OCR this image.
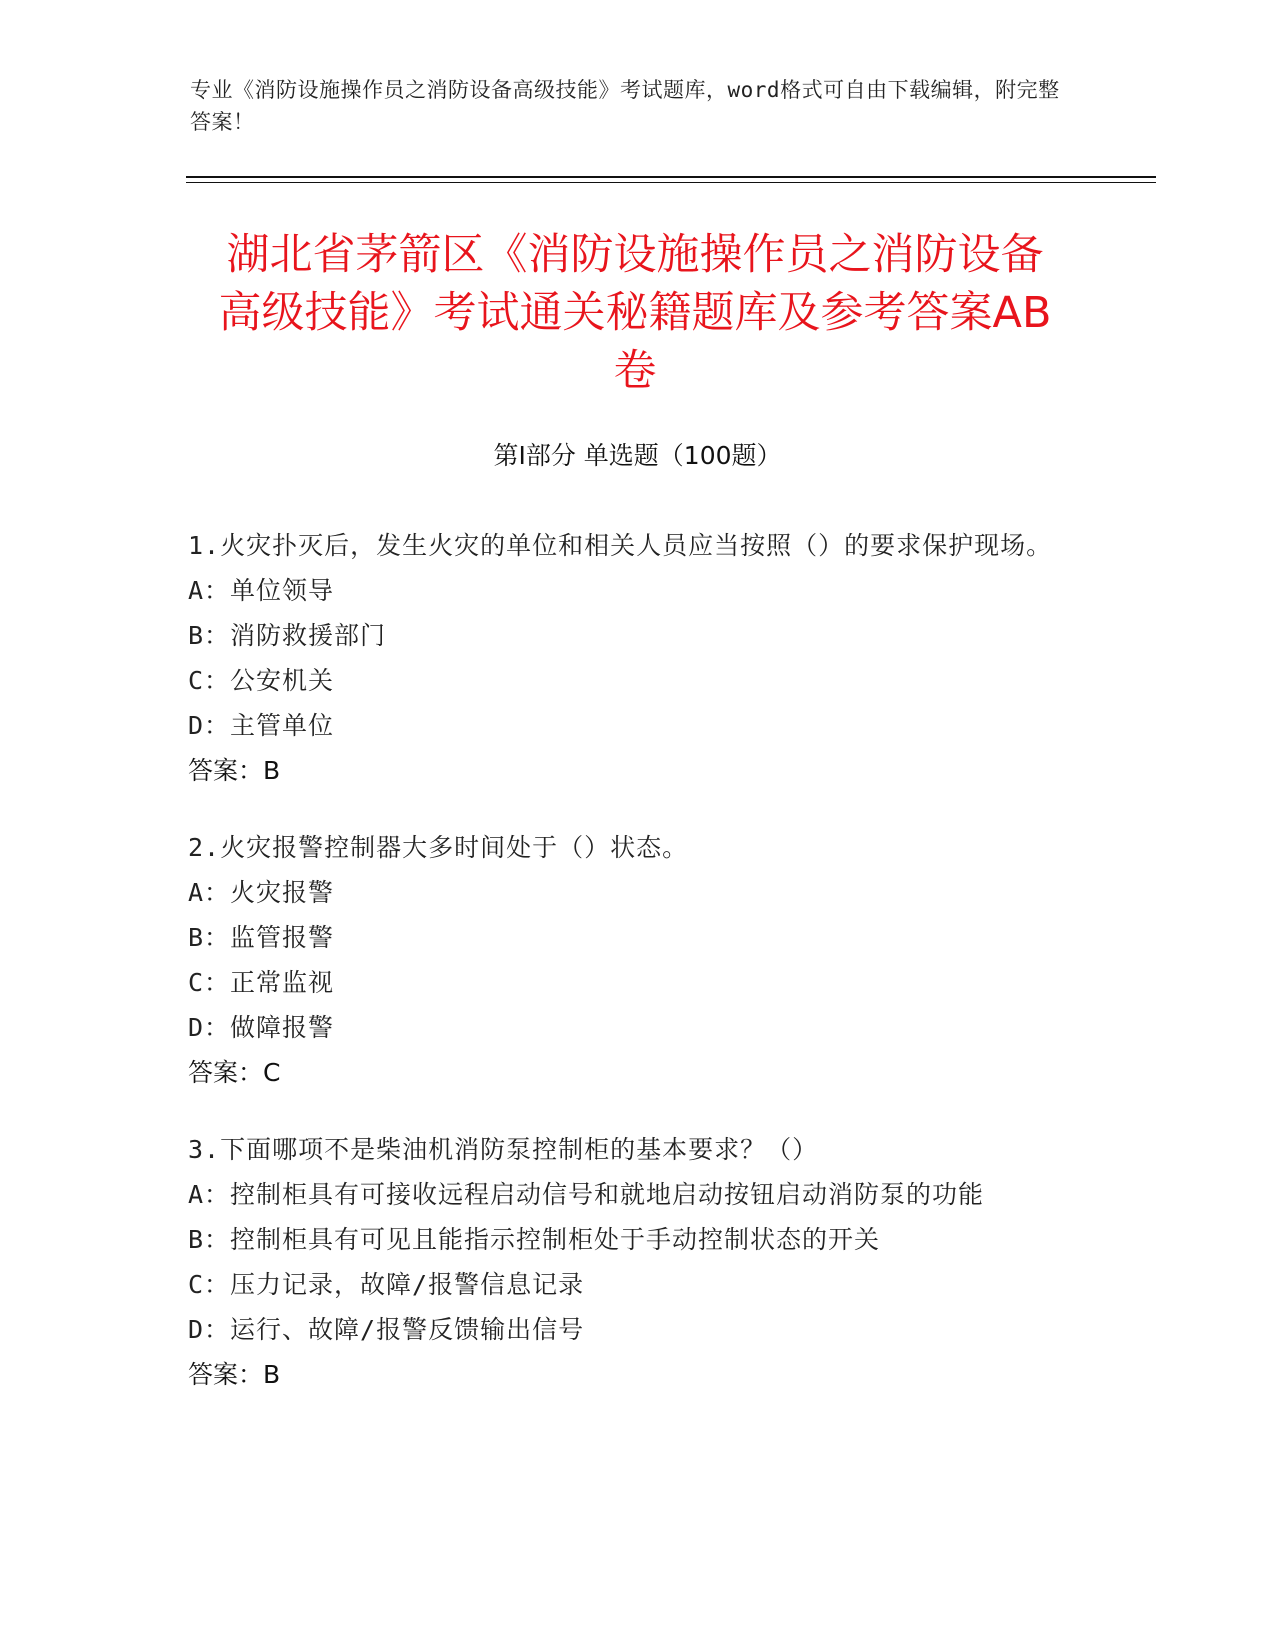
专业《消防设施操作员之消防设备高级技能》考试题库，word格式可自由下载编辑，附完整答案！
湖北省茅箭区《消防设施操作员之消防设备
高级技能》考试通关秘籍题库及参考答案AB
卷
第I部分 单选题（100题）
1.火灾扑灭后，发生火灾的单位和相关人员应当按照（）的要求保护现场。
A：单位领导
B：消防救援部门
C：公安机关
D：主管单位
答案：B
2.火灾报警控制器大多时间处于（）状态。
A：火灾报警
B：监管报警
C：正常监视
D：做障报警
答案：C
3.下面哪项不是柴油机消防泵控制柜的基本要求？（）
A：控制柜具有可接收远程启动信号和就地启动按钮启动消防泵的功能
B：控制柜具有可见且能指示控制柜处于手动控制状态的开关
C：压力记录，故障/报警信息记录
D：运行、故障/报警反馈输出信号
答案：B
